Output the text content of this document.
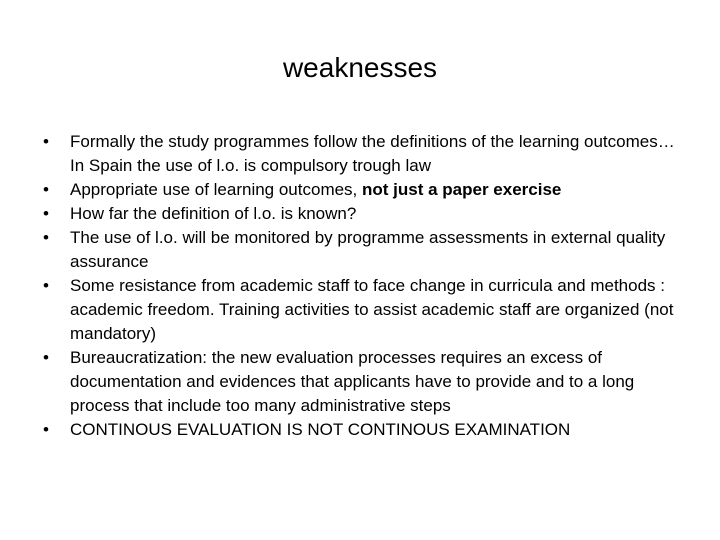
weaknesses
•	Formally the study programmes follow the definitions of the learning outcomes…In Spain the use of l.o. is compulsory trough law
•	Appropriate use of learning outcomes, not just a paper exercise
•	How far the definition of l.o. is known?
•	The use of l.o. will be monitored by programme assessments in external quality assurance
•	Some resistance from academic staff to face change in curricula and methods : academic freedom. Training activities to assist academic staff are organized (not mandatory)
•	Bureaucratization: the new evaluation processes requires an excess of documentation and evidences that applicants have to provide and to a long process that include too many administrative steps
•	CONTINOUS EVALUATION IS NOT CONTINOUS EXAMINATION
